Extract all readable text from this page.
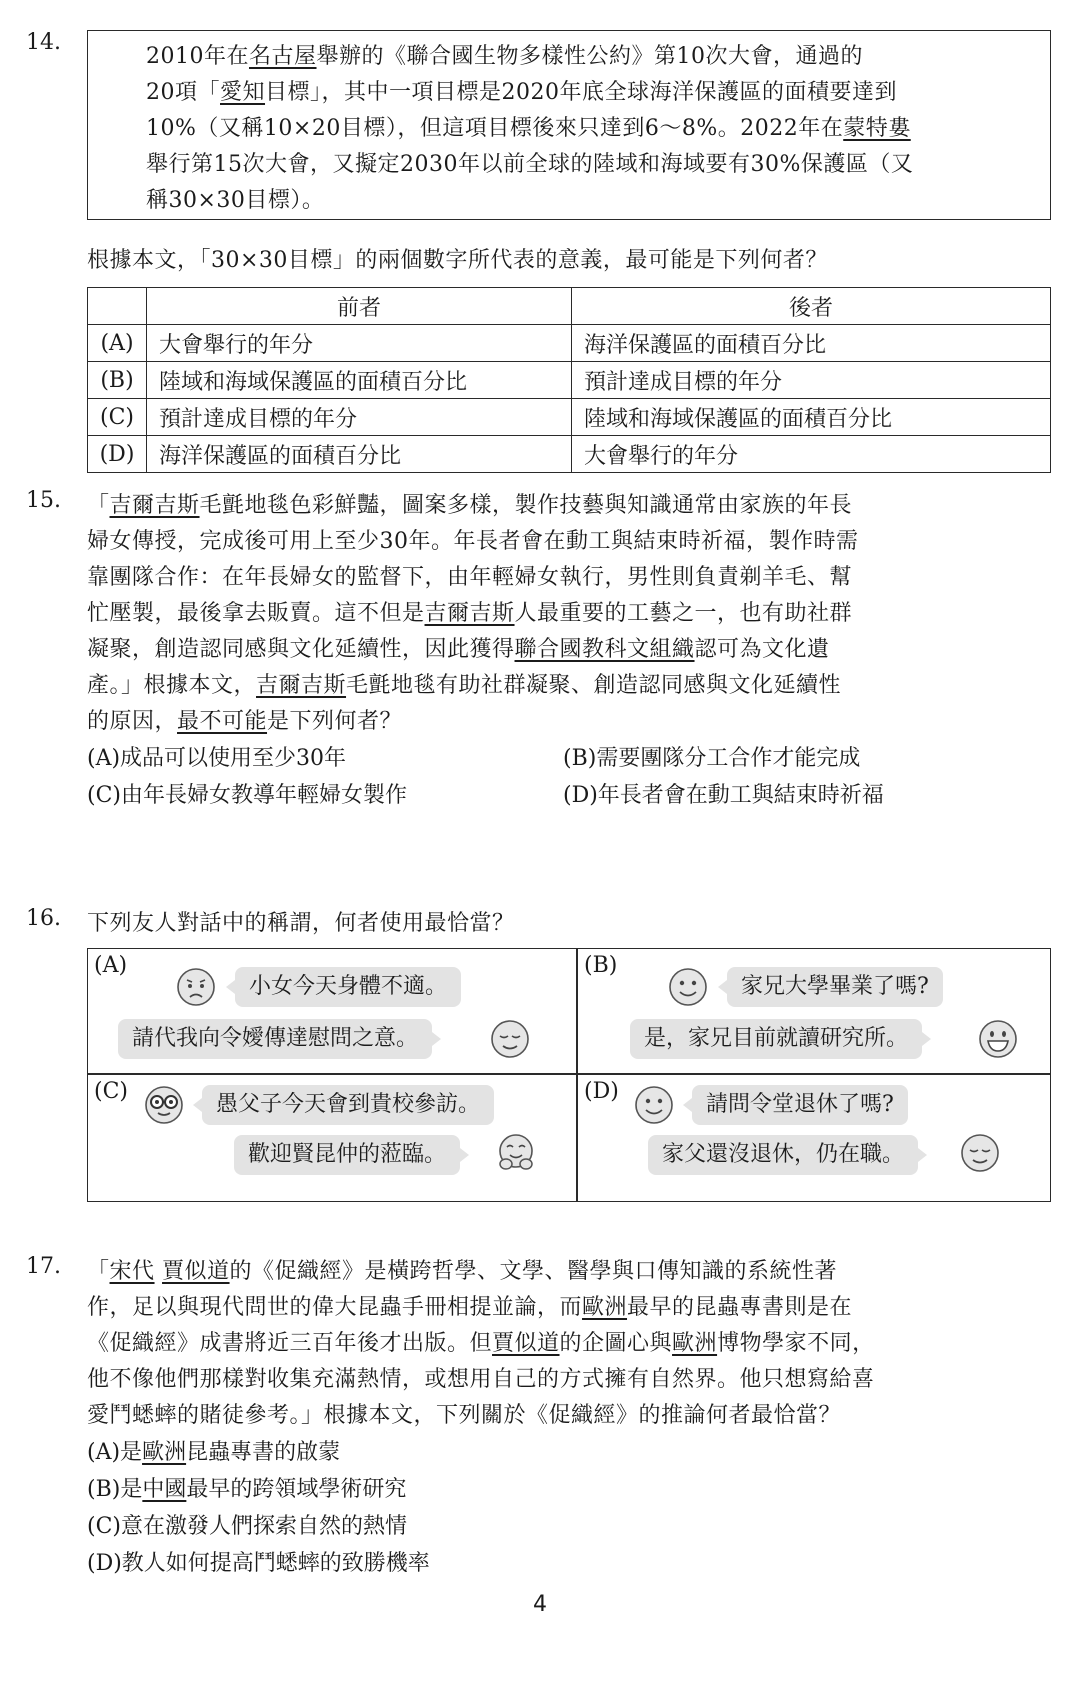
14.
2010年在名古屋舉辦的《聯合國生物多樣性公約》第10次大會，通過的
20項「愛知目標」，其中一項目標是2020年底全球海洋保護區的面積要達到
10%（又稱10×20目標），但這項目標後來只達到6～8%。2022年在蒙特婁
舉行第15次大會，又擬定2030年以前全球的陸域和海域要有30%保護區（又
稱30×30目標）。

根據本文，「30×30目標」的兩個數字所代表的意義，最可能是下列何者？

	前者	後者
(A)	大會舉行的年分	海洋保護區的面積百分比
(B)	陸域和海域保護區的面積百分比	預計達成目標的年分
(C)	預計達成目標的年分	陸域和海域保護區的面積百分比
(D)	海洋保護區的面積百分比	大會舉行的年分
15. 「吉爾吉斯毛氈地毯色彩鮮豔，圖案多樣，製作技藝與知識通常由家族的年長
婦女傳授，完成後可用上至少30年。年長者會在動工與結束時祈福，製作時需
靠團隊合作：在年長婦女的監督下，由年輕婦女執行，男性則負責剃羊毛、幫
忙壓製，最後拿去販賣。這不但是吉爾吉斯人最重要的工藝之一，也有助社群
凝聚，創造認同感與文化延續性，因此獲得聯合國教科文組織認可為文化遺
產。」根據本文，吉爾吉斯毛氈地毯有助社群凝聚、創造認同感與文化延續性
的原因，最不可能是下列何者？
(A)成品可以使用至少30年	(B)需要團隊分工合作才能完成
(C)由年長婦女教導年輕婦女製作	(D)年長者會在動工與結束時祈福
16. 下列友人對話中的稱謂，何者使用最恰當？

(A)
小女今天身體不適。
請代我向令嬡傳達慰問之意。
(B)
家兄大學畢業了嗎?
是，家兄目前就讀研究所。
(C)
愚父子今天會到貴校參訪。
歡迎賢昆仲的蒞臨。
(D)
請問令堂退休了嗎?
家父還沒退休，仍在職。
17. 「宋代 賈似道的《促織經》是橫跨哲學、文學、醫學與口傳知識的系統性著
作，足以與現代問世的偉大昆蟲手冊相提並論，而歐洲最早的昆蟲專書則是在
《促織經》成書將近三百年後才出版。但賈似道的企圖心與歐洲博物學家不同，
他不像他們那樣對收集充滿熱情，或想用自己的方式擁有自然界。他只想寫給喜
愛鬥蟋蟀的賭徒參考。」根據本文，下列關於《促織經》的推論何者最恰當？
(A)是歐洲昆蟲專書的啟蒙
(B)是中國最早的跨領域學術研究
(C)意在激發人們探索自然的熱情
(D)教人如何提高鬥蟋蟀的致勝機率
4
